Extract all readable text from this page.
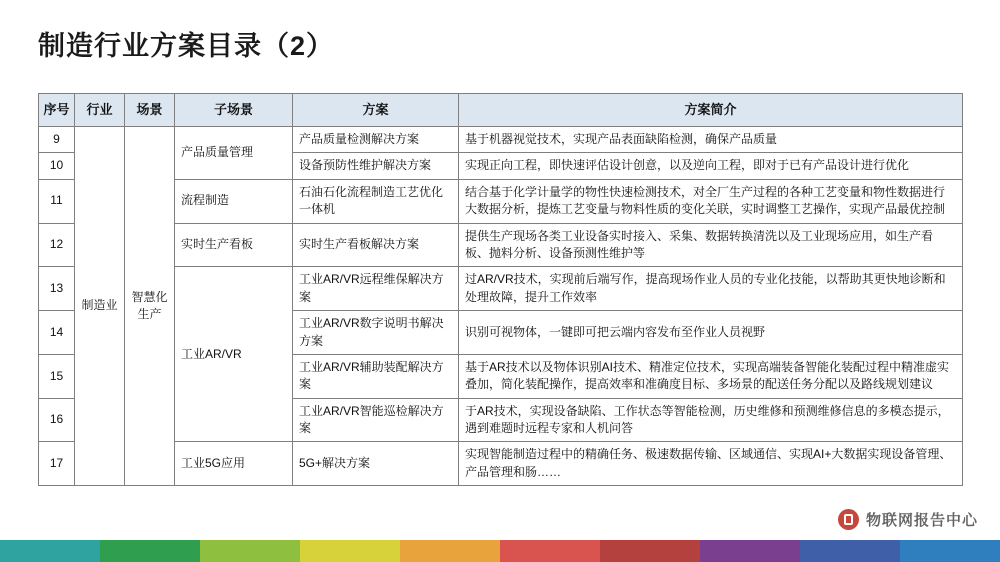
制造行业方案目录（2）
序号	行业	场景	子场景	方案	方案简介
9	制造业	智慧化生产	产品质量管理	产品质量检测解决方案	基于机器视觉技术，实现产品表面缺陷检测，确保产品质量
10				设备预防性维护解决方案	实现正向工程，即快速评估设计创意，以及逆向工程，即对于已有产品设计进行优化
11			流程制造	石油石化流程制造工艺优化一体机	结合基于化学计量学的物性快速检测技术，对全厂生产过程的各种工艺变量和物性数据进行大数据分析，提炼工艺变量与物料性质的变化关联，实时调整工艺操作，实现产品最优控制
12			实时生产看板	实时生产看板解决方案	提供生产现场各类工业设备实时接入、采集、数据转换清洗以及工业现场应用，如生产看板、抛料分析、设备预测性维护等
13			工业AR/VR	工业AR/VR远程维保解决方案	过AR/VR技术，实现前后端写作，提高现场作业人员的专业化技能，以帮助其更快地诊断和处理故障，提升工作效率
14				工业AR/VR数字说明书解决方案	识别可视物体，一键即可把云端内容发布至作业人员视野
15				工业AR/VR辅助装配解决方案	基于AR技术以及物体识别AI技术、精准定位技术，实现高端装备智能化装配过程中精准虚实叠加，简化装配操作，提高效率和准确度目标、多场景的配送任务分配以及路线规划建议
16				工业AR/VR智能巡检解决方案	于AR技术，实现设备缺陷、工作状态等智能检测，历史维修和预测维修信息的多模态提示，遇到难题时远程专家和人机问答
17			工业5G应用	5G+解决方案	实现智能制造过程中的精确任务、极速数据传输、区域通信、实现AI+大数据实现设备管理、产品管理和肠……
物联网报告中心
